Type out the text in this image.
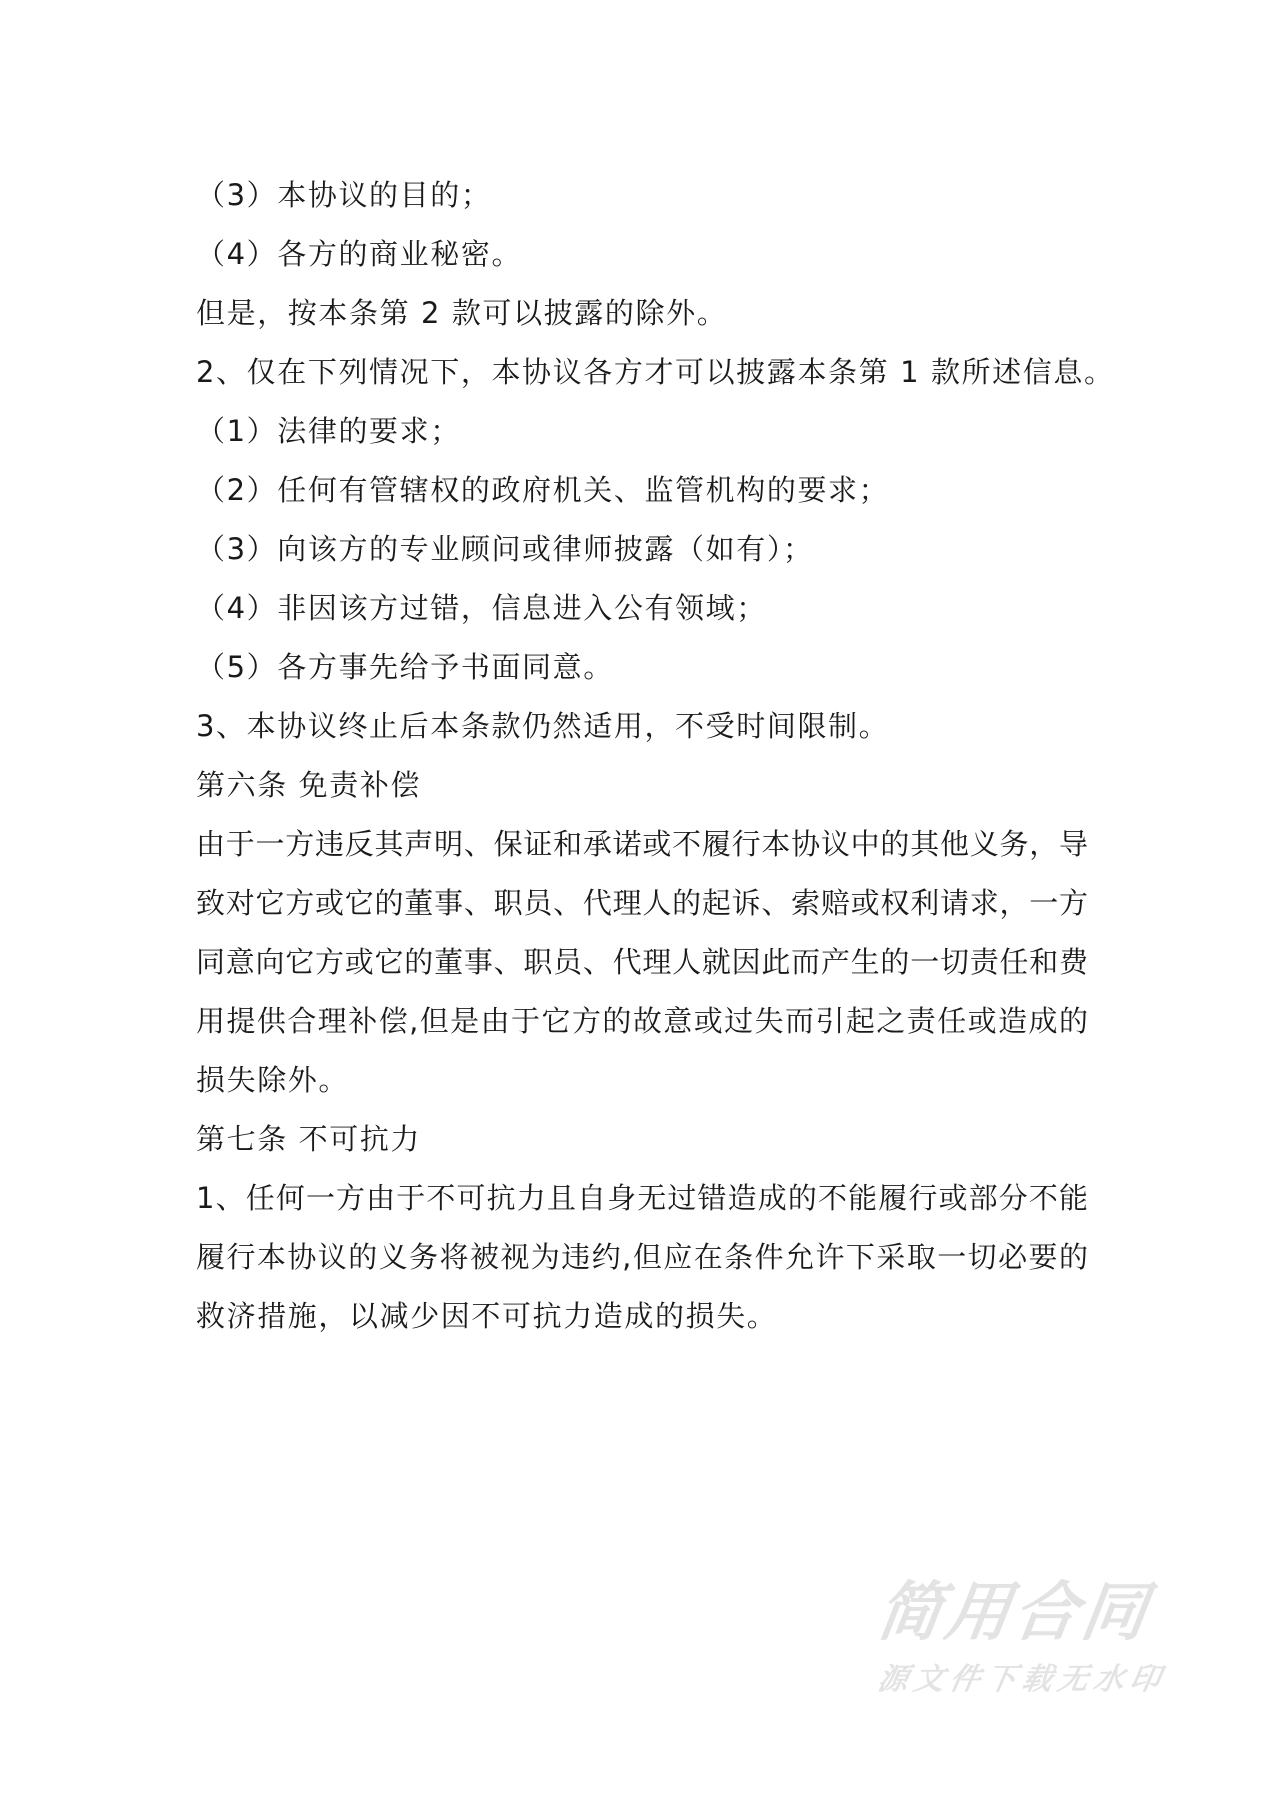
（3）本协议的目的；
（4）各方的商业秘密。
但是，按本条第 2 款可以披露的除外。
2、仅在下列情况下，本协议各方才可以披露本条第 1 款所述信息。
（1）法律的要求；
（2）任何有管辖权的政府机关、监管机构的要求；
（3）向该方的专业顾问或律师披露（如有）；
（4）非因该方过错，信息进入公有领域；
（5）各方事先给予书面同意。
3、本协议终止后本条款仍然适用，不受时间限制。
第六条 免责补偿
由于一方违反其声明、保证和承诺或不履行本协议中的其他义务，导
致对它方或它的董事、职员、代理人的起诉、索赔或权利请求，一方
同意向它方或它的董事、职员、代理人就因此而产生的一切责任和费
用提供合理补偿,但是由于它方的故意或过失而引起之责任或造成的
损失除外。
第七条 不可抗力
1、任何一方由于不可抗力且自身无过错造成的不能履行或部分不能
履行本协议的义务将被视为违约,但应在条件允许下采取一切必要的
救济措施，以减少因不可抗力造成的损失。
简用合同
源文件下载无水印
